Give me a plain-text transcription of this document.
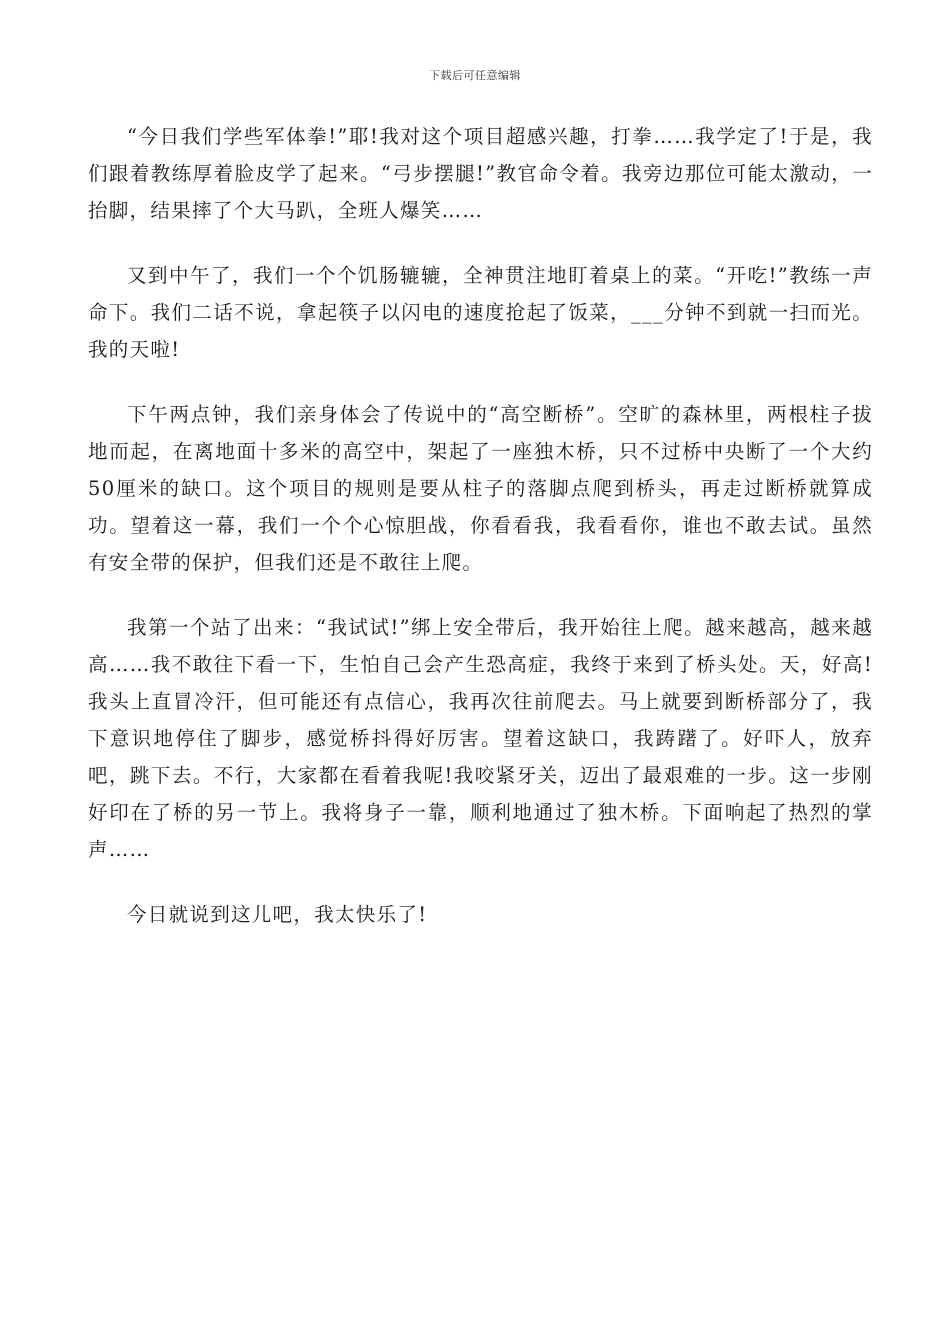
下载后可任意编辑

“今日我们学些军体拳!”耶!我对这个项目超感兴趣，打拳……我学定了!于是，我们跟着教练厚着脸皮学了起来。“弓步摆腿!”教官命令着。我旁边那位可能太激动，一抬脚，结果摔了个大马趴，全班人爆笑……

又到中午了，我们一个个饥肠辘辘，全神贯注地盯着桌上的菜。“开吃!”教练一声命下。我们二话不说，拿起筷子以闪电的速度抢起了饭菜，___分钟不到就一扫而光。我的天啦!

下午两点钟，我们亲身体会了传说中的“高空断桥”。空旷的森林里，两根柱子拔地而起，在离地面十多米的高空中，架起了一座独木桥，只不过桥中央断了一个大约50厘米的缺口。这个项目的规则是要从柱子的落脚点爬到桥头，再走过断桥就算成功。望着这一幕，我们一个个心惊胆战，你看看我，我看看你，谁也不敢去试。虽然有安全带的保护，但我们还是不敢往上爬。

我第一个站了出来：“我试试!”绑上安全带后，我开始往上爬。越来越高，越来越高……我不敢往下看一下，生怕自己会产生恐高症，我终于来到了桥头处。天，好高!我头上直冒冷汗，但可能还有点信心，我再次往前爬去。马上就要到断桥部分了，我下意识地停住了脚步，感觉桥抖得好厉害。望着这缺口，我踌躇了。好吓人，放弃吧，跳下去。不行，大家都在看着我呢!我咬紧牙关，迈出了最艰难的一步。这一步刚好印在了桥的另一节上。我将身子一靠，顺利地通过了独木桥。下面响起了热烈的掌声……

今日就说到这儿吧，我太快乐了!
